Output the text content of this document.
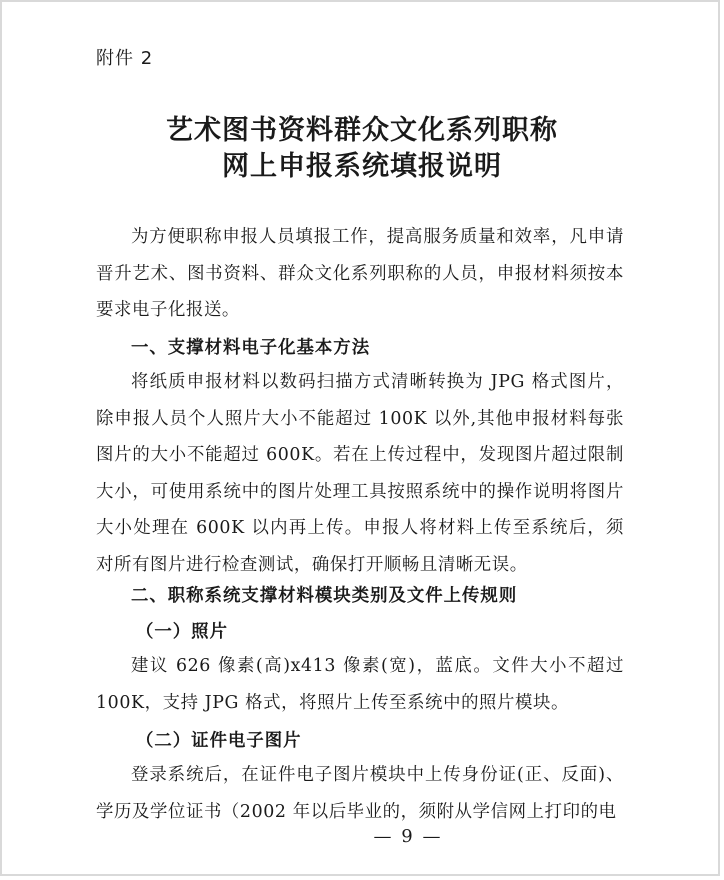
附件 2
艺术图书资料群众文化系列职称
网上申报系统填报说明
为方便职称申报人员填报工作，提高服务质量和效率，凡申请晋升艺术、图书资料、群众文化系列职称的人员，申报材料须按本要求电子化报送。
一、支撑材料电子化基本方法
将纸质申报材料以数码扫描方式清晰转换为 JPG 格式图片，除申报人员个人照片大小不能超过 100K 以外,其他申报材料每张图片的大小不能超过 600K。若在上传过程中，发现图片超过限制大小，可使用系统中的图片处理工具按照系统中的操作说明将图片大小处理在 600K 以内再上传。申报人将材料上传至系统后，须对所有图片进行检查测试，确保打开顺畅且清晰无误。
二、职称系统支撑材料模块类别及文件上传规则
（一）照片
建议 626 像素(高)x413 像素(宽)，蓝底。文件大小不超过 100K，支持 JPG 格式，将照片上传至系统中的照片模块。
（二）证件电子图片
登录系统后，在证件电子图片模块中上传身份证(正、反面)、学历及学位证书（2002 年以后毕业的，须附从学信网上打印的电
— 9 —
